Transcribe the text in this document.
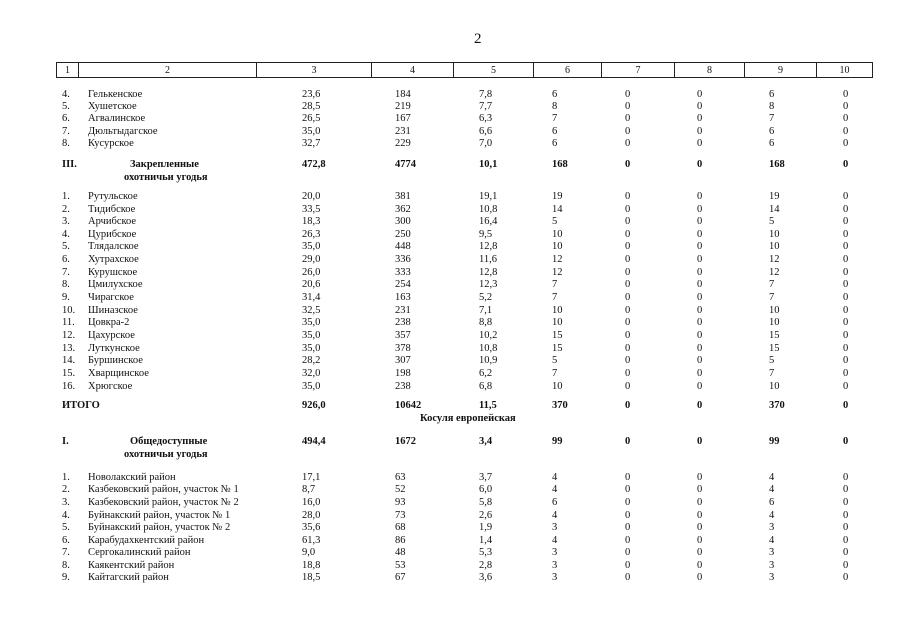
2
1	2	3	4	5	6	7	8	9	10
Косуля европейская
4. Гелькенское	23,6	184	7,8	6	0	0	6	0
5. Хушетское	28,5	219	7,7	8	0	0	8	0
6. Агвалинское	26,5	167	6,3	7	0	0	7	0
7. Дюльтыдагское	35,0	231	6,6	6	0	0	6	0
8. Кусурское	32,7	229	7,0	6	0	0	6	0
III.	Закрепленные	472,8	4774	10,1	168	0	0	168	0
охотничьи угодья
1. Рутульское	20,0	381	19,1	19	0	0	19	0
2. Тидибское	33,5	362	10,8	14	0	0	14	0
3. Арчибское	18,3	300	16,4	5	0	0	5	0
4. Цурибское	26,3	250	9,5	10	0	0	10	0
5. Тлядалское	35,0	448	12,8	10	0	0	10	0
6. Хутрахское	29,0	336	11,6	12	0	0	12	0
7. Курушское	26,0	333	12,8	12	0	0	12	0
8. Цмилухское	20,6	254	12,3	7	0	0	7	0
9. Чирагское	31,4	163	5,2	7	0	0	7	0
10. Шиназское	32,5	231	7,1	10	0	0	10	0
11. Цовкра-2	35,0	238	8,8	10	0	0	10	0
12. Цахурское	35,0	357	10,2	15	0	0	15	0
13. Луткунское	35,0	378	10,8	15	0	0	15	0
14. Буршинское	28,2	307	10,9	5	0	0	5	0
15. Хварщинское	32,0	198	6,2	7	0	0	7	0
16. Хрюгское	35,0	238	6,8	10	0	0	10	0
ИТОГО	926,0	10642	11,5	370	0	0	370	0
I.	Общедоступные	494,4	1672	3,4	99	0	0	99	0
охотничьи угодья
1. Новолакский район	17,1	63	3,7	4	0	0	4	0
2. Казбековский район, участок № 1	8,7	52	6,0	4	0	0	4	0
3. Казбековский район, участок № 2	16,0	93	5,8	6	0	0	6	0
4. Буйнакский район, участок № 1	28,0	73	2,6	4	0	0	4	0
5. Буйнакский район, участок № 2	35,6	68	1,9	3	0	0	3	0
6. Карабудахкентский район	61,3	86	1,4	4	0	0	4	0
7. Сергокалинский район	9,0	48	5,3	3	0	0	3	0
8. Каякентский район	18,8	53	2,8	3	0	0	3	0
9. Кайтагский район	18,5	67	3,6	3	0	0	3	0
